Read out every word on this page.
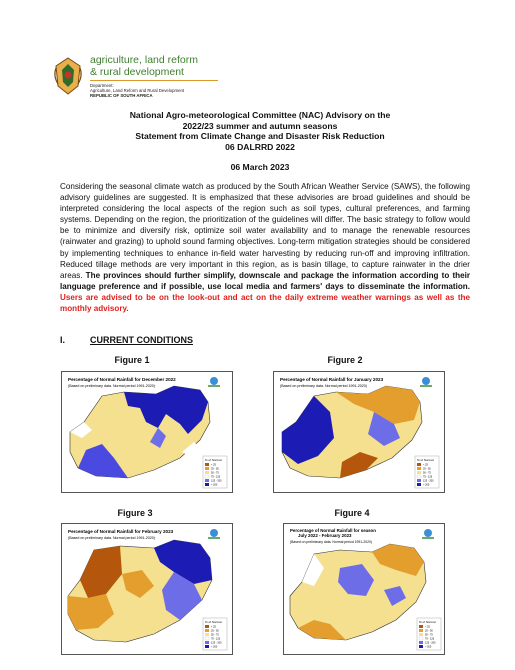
agriculture, land reform
& rural development
Department:
Agriculture, Land Reform and Rural Development
REPUBLIC OF SOUTH AFRICA
National Agro-meteorological Committee (NAC) Advisory on the
2022/23 summer and autumn seasons
Statement from Climate Change and Disaster Risk Reduction
06 DALRRD 2022
06 March 2023
Considering the seasonal climate watch as produced by the South African Weather Service (SAWS), the following advisory guidelines are suggested. It is emphasized that these advisories are broad guidelines and should be interpreted considering the local aspects of the region such as soil types, cultural preferences, and farming systems. Depending on the region, the prioritization of the guidelines will differ. The basic strategy to follow would be to minimize and diversify risk, optimize soil water availability and to manage the renewable resources (rainwater and grazing) to uphold sound farming objectives. Long-term mitigation strategies should be considered by implementing techniques to enhance in-field water harvesting by reducing run-off and improving infiltration. Reduced tillage methods are very important in this region, as is basin tillage, to capture rainwater in the drier areas. The provinces should further simplify, downscale and package the information according to their language preference and if possible, use local media and farmers' days to disseminate the information. Users are advised to be on the look-out and act on the daily extreme weather warnings as well as the monthly advisory.
I.	CURRENT CONDITIONS
Figure 1	Figure 2
Figure 3	Figure 4
Percentage of Normal Rainfall for December 2022
(Based on preliminary data. Normal period 1991-2020)
% of Normal
< 25
25 - 50
50 - 75
75 - 125
125 - 200
> 200
Percentage of Normal Rainfall for January 2023
(Based on preliminary data. Normal period 1991-2020)
% of Normal
< 25
25 - 50
50 - 75
75 - 125
125 - 200
> 200
Percentage of Normal Rainfall for February 2023
(Based on preliminary data. Normal period 1991-2020)
% of Normal
< 25
25 - 50
50 - 75
75 - 125
125 - 200
> 200
Percentage of Normal Rainfall for season
July 2022 - February 2023
(Based on preliminary data. Normal period 1991-2020)
% of Normal
< 25
25 - 50
50 - 75
75 - 125
125 - 200
> 200
